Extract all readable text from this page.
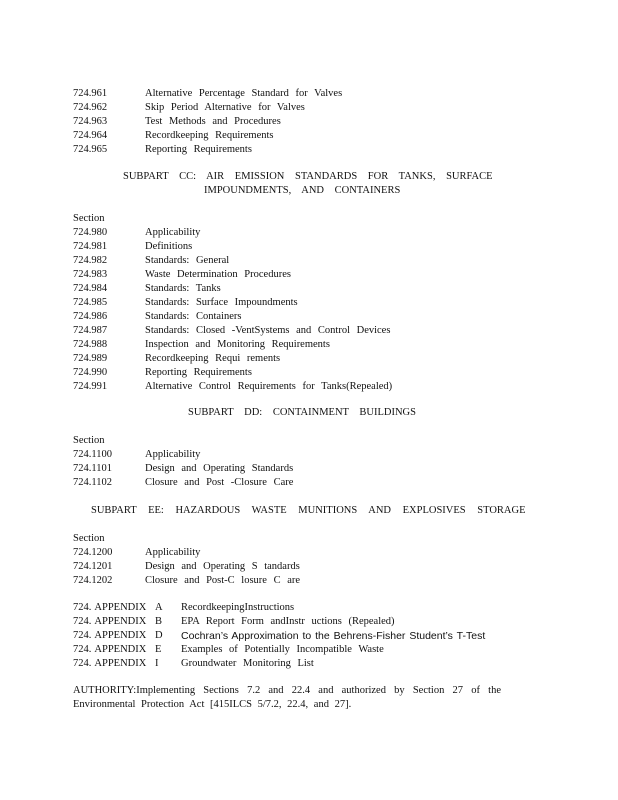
724.961	Alternative Percentage Standard for Valves
724.962	Skip Period Alternative for Valves
724.963	Test Methods and Procedures
724.964	Recordkeeping Requirements
724.965	Reporting Requirements
SUBPART CC: AIR EMISSION STANDARDS FOR TANKS, SURFACE
IMPOUNDMENTS, AND CONTAINERS
Section
724.980	Applicability
724.981	Definitions
724.982	Standards: General
724.983	Waste Determination Procedures
724.984	Standards: Tanks
724.985	Standards: Surface Impoundments
724.986	Standards: Containers
724.987	Standards: Closed -VentSystems and Control Devices
724.988	Inspection and Monitoring Requirements
724.989	Recordkeeping Requi rements
724.990	Reporting Requirements
724.991	Alternative Control Requirements for Tanks(Repealed)
SUBPART DD: CONTAINMENT BUILDINGS
Section
724.1100	Applicability
724.1101	Design and Operating Standards
724.1102	Closure and Post -Closure Care
SUBPART EE: HAZARDOUS WASTE MUNITIONS AND EXPLOSIVES STORAGE
Section
724.1200	Applicability
724.1201	Design and Operating S tandards
724.1202	Closure and Post-C losure C are
724. APPENDIX A RecordkeepingInstructions
724. APPENDIX B EPA Report Form andInstr uctions (Repealed)
724. APPENDIX D Cochran’s Approximation to the Behrens-Fisher Student’s T-Test
724. APPENDIX E Examples of Potentially Incompatible Waste
724. APPENDIX I Groundwater Monitoring List
AUTHORITY:Implementing Sections 7.2 and 22.4 and authorized by Section 27 of the Environmental Protection Act [415ILCS 5/7.2, 22.4, and 27].
